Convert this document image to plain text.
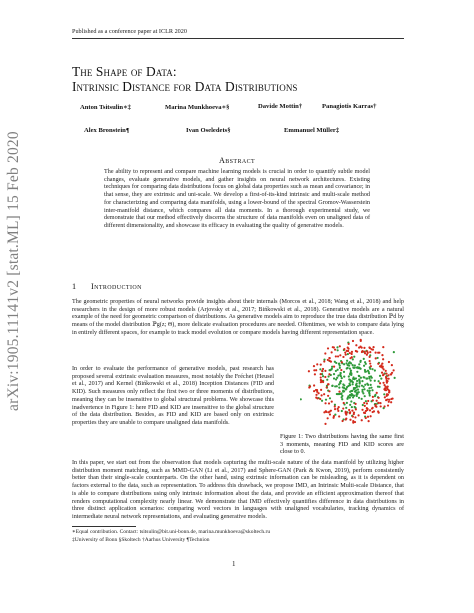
Published as a conference paper at ICLR 2020
arXiv:1905.11141v2 [stat.ML] 15 Feb 2020
The Shape of Data:
Intrinsic Distance for Data Distributions
Anton Tsitsulin∗‡	Marina Munkhoeva∗§	Davide Mottin†	Panagiotis Karras†
Alex Bronstein¶	Ivan Oseledets§	Emmanuel Müller‡
Abstract

The ability to represent and compare machine learning models is crucial in order to quantify subtle model changes, evaluate generative models, and gather insights on neural network architectures. Existing techniques for comparing data distributions focus on global data properties such as mean and covariance; in that sense, they are extrinsic and uni-scale. We develop a first-of-its-kind intrinsic and multi-scale method for characterizing and comparing data manifolds, using a lower-bound of the spectral Gromov-Wasserstein inter-manifold distance, which compares all data moments. In a thorough experimental study, we demonstrate that our method effectively discerns the structure of data manifolds even on unaligned data of different dimensionality, and showcase its efficacy in evaluating the quality of generative models.

1 Introduction

The geometric properties of neural networks provide insights about their internals (Morcos et al., 2018; Wang et al., 2018) and help researchers in the design of more robust models (Arjovsky et al., 2017; Bińkowski et al., 2018). Generative models are a natural example of the need for geometric comparison of distributions. As generative models aim to reproduce the true data distribution ℙd by means of the model distribution ℙg(z; Θ), more delicate evaluation procedures are needed. Oftentimes, we wish to compare data lying in entirely different spaces, for example to track model evolution or compare models having different representation space.

In order to evaluate the performance of generative models, past research has proposed several extrinsic evaluation measures, most notably the Fréchet (Heusel et al., 2017) and Kernel (Bińkowski et al., 2018) Inception Distances (FID and KID). Such measures only reflect the first two or three moments of distributions, meaning they can be insensitive to global structural problems. We showcase this inadvertence in Figure 1: here FID and KID are insensitive to the global structure of the data distribution. Besides, as FID and KID are based only on extrinsic properties they are unable to compare unaligned data manifolds.

Figure 1: Two distributions having the same first 3 moments, meaning FID and KID scores are close to 0.

In this paper, we start out from the observation that models capturing the multi-scale nature of the data manifold by utilizing higher distribution moment matching, such as MMD-GAN (Li et al., 2017) and Sphere-GAN (Park & Kwon, 2019), perform consistently better than their single-scale counterparts. On the other hand, using extrinsic information can be misleading, as it is dependent on factors external to the data, such as representation. To address this drawback, we propose IMD, an Intrinsic Multi-scale Distance, that is able to compare distributions using only intrinsic information about the data, and provide an efficient approximation thereof that renders computational complexity nearly linear. We demonstrate that IMD effectively quantifies difference in data distributions in three distinct application scenarios: comparing word vectors in languages with unaligned vocabularies, tracking dynamics of intermediate neural network representations, and evaluating generative models.

∗Equal contribution. Contact: tsitsulin@bit.uni-bonn.de, marina.munkhoeva@skoltech.ru
‡University of Bonn §Skoltech †Aarhus University ¶Technion
1
